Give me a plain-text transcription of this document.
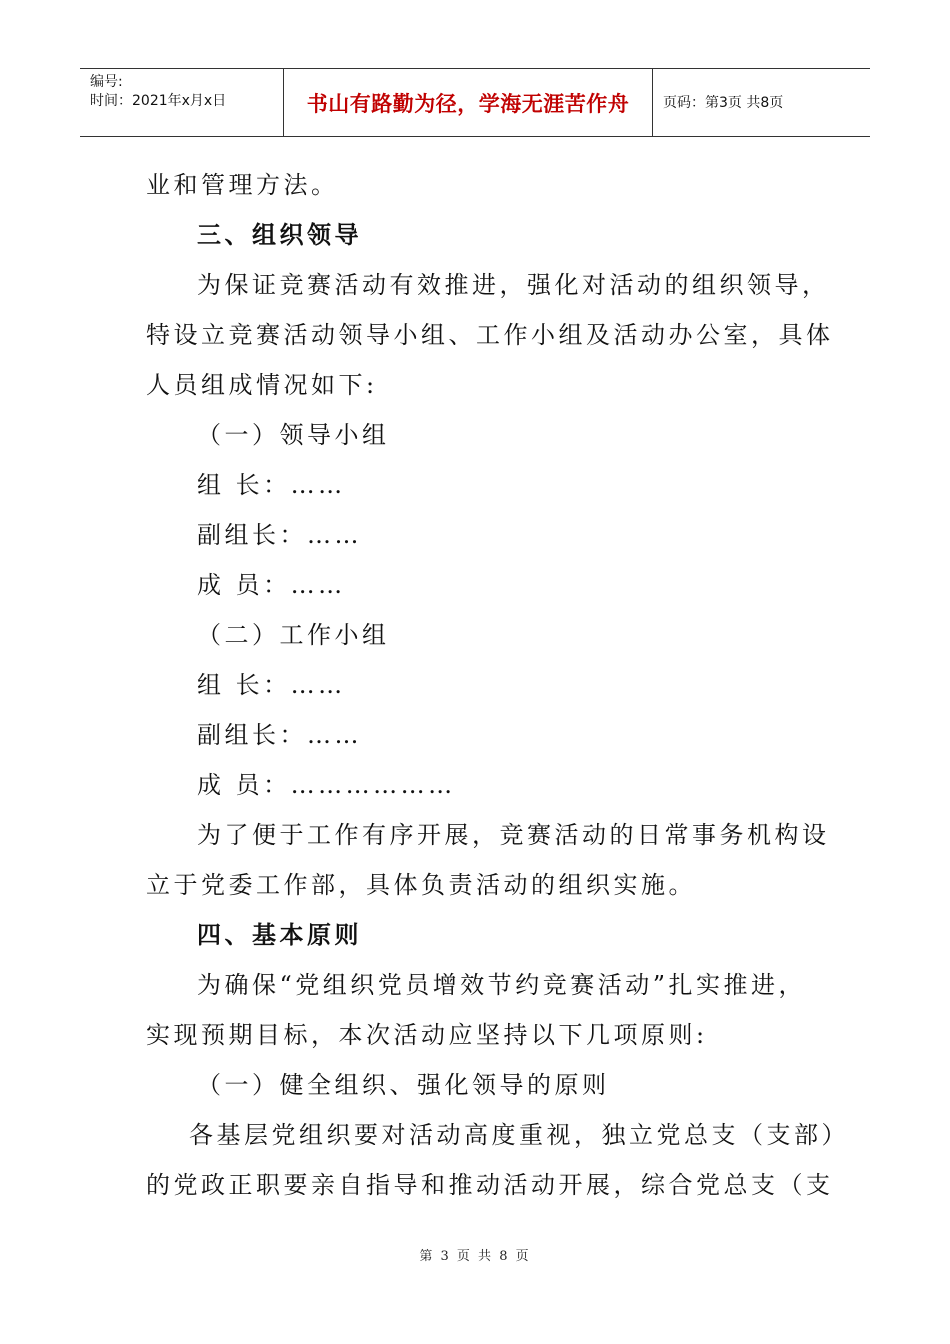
编号:
时间：2021年x月x日	书山有路勤为径，学海无涯苦作舟 页码：第3页 共8页
业和管理方法。
三、组织领导
为保证竞赛活动有效推进，强化对活动的组织领导，
特设立竞赛活动领导小组、工作小组及活动办公室，具体
人员组成情况如下:
（一）领导小组
组 长：……
副组长：……
成 员：……
（二）工作小组
组 长：……
副组长：……
成 员：………………
为了便于工作有序开展，竞赛活动的日常事务机构设
立于党委工作部，具体负责活动的组织实施。
四、基本原则
为确保“党组织党员增效节约竞赛活动”扎实推进，
实现预期目标，本次活动应坚持以下几项原则:
（一）健全组织、强化领导的原则
各基层党组织要对活动高度重视，独立党总支（支部）
的党政正职要亲自指导和推动活动开展，综合党总支（支
第 3 页 共 8 页
